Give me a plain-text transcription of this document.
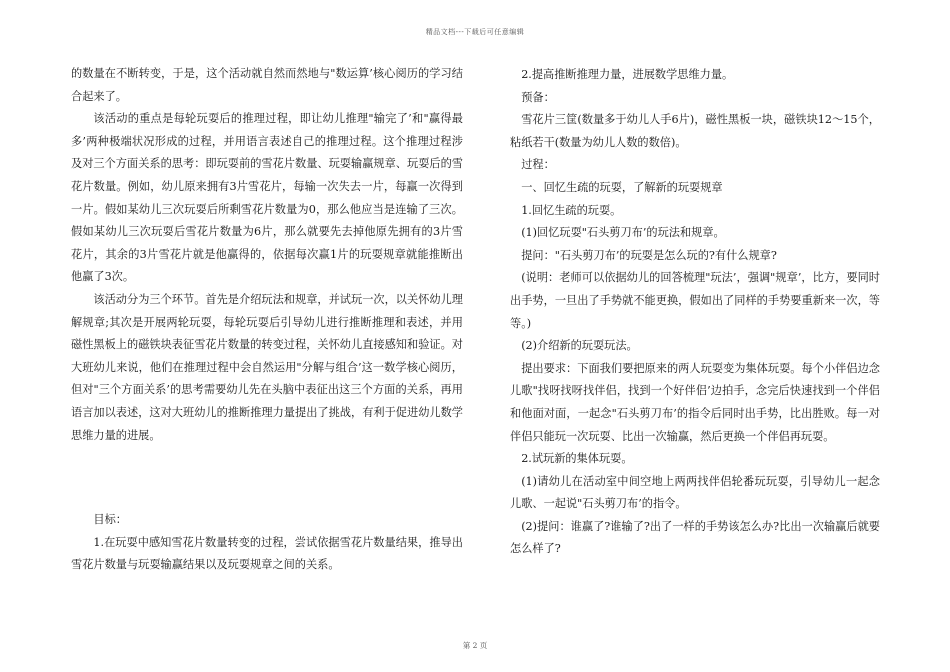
精品文档---下载后可任意编辑

的数量在不断转变，于是，这个活动就自然而然地与"数运算’核心阅历的学习结合起来了。

该活动的重点是每轮玩耍后的推理过程，即让幼儿推理"输完了’和"赢得最多’两种极端状况形成的过程，并用语言表述自己的推理过程。这个推理过程涉及对三个方面关系的思考：即玩耍前的雪花片数量、玩耍输赢规章、玩耍后的雪花片数量。例如，幼儿原来拥有3片雪花片，每输一次失去一片，每赢一次得到一片。假如某幼儿三次玩耍后所剩雪花片数量为0，那么他应当是连输了三次。假如某幼儿三次玩耍后雪花片数量为6片，那么就要先去掉他原先拥有的3片雪花片，其余的3片雪花片就是他赢得的，依据每次赢1片的玩耍规章就能推断出他赢了3次。

该活动分为三个环节。首先是介绍玩法和规章，并试玩一次，以关怀幼儿理解规章;其次是开展两轮玩耍，每轮玩耍后引导幼儿进行推断推理和表述，并用磁性黑板上的磁铁块表征雪花片数量的转变过程，关怀幼儿直接感知和验证。对大班幼儿来说，他们在推理过程中会自然运用"分解与组合’这一数学核心阅历，但对"三个方面关系’的思考需要幼儿先在头脑中表征出这三个方面的关系，再用语言加以表述，这对大班幼儿的推断推理力量提出了挑战，有利于促进幼儿数学思维力量的进展。

目标：

1.在玩耍中感知雪花片数量转变的过程，尝试依据雪花片数量结果，推导出雪花片数量与玩耍输赢结果以及玩耍规章之间的关系。

2.提高推断推理力量，进展数学思维力量。

预备：

雪花片三筐(数量多于幼儿人手6片)，磁性黑板一块，磁铁块12～15个，粘纸若干(数量为幼儿人数的数倍)。

过程：

一、回忆生疏的玩耍，了解新的玩耍规章

1.回忆生疏的玩耍。

(1)回忆玩耍"石头剪刀布’的玩法和规章。

提问："石头剪刀布’的玩耍是怎么玩的?有什么规章?

(说明：老师可以依据幼儿的回答梳理"玩法’，强调"规章’，比方，要同时出手势，一旦出了手势就不能更换，假如出了同样的手势要重新来一次，等等。)

(2)介绍新的玩耍玩法。

提出要求：下面我们要把原来的两人玩耍变为集体玩耍。每个小伴侣边念儿歌"找呀找呀找伴侣，找到一个好伴侣’边拍手，念完后快速找到一个伴侣和他面对面，一起念"石头剪刀布’的指令后同时出手势，比出胜败。每一对伴侣只能玩一次玩耍、比出一次输赢，然后更换一个伴侣再玩耍。

2.试玩新的集体玩耍。

(1)请幼儿在活动室中间空地上两两找伴侣轮番玩玩耍，引导幼儿一起念儿歌、一起说"石头剪刀布’的指令。

(2)提问：谁赢了?谁输了?出了一样的手势该怎么办?比出一次输赢后就要怎么样了?

第 2 页
